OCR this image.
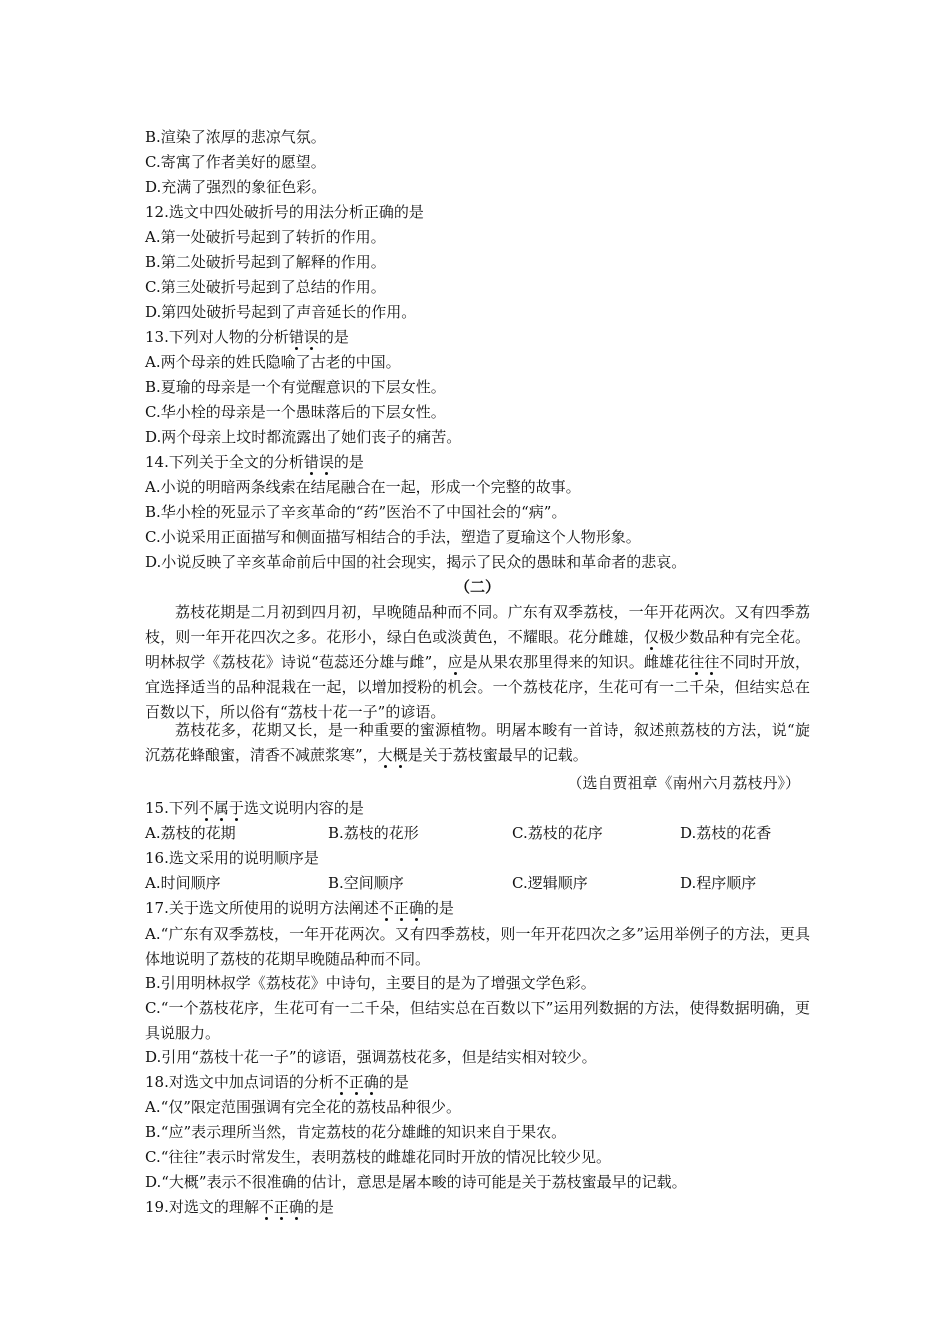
B.渲染了浓厚的悲凉气氛。
C.寄寓了作者美好的愿望。
D.充满了强烈的象征色彩。
12.选文中四处破折号的用法分析正确的是
A.第一处破折号起到了转折的作用。
B.第二处破折号起到了解释的作用。
C.第三处破折号起到了总结的作用。
D.第四处破折号起到了声音延长的作用。
13.下列对人物的分析错误的是
A.两个母亲的姓氏隐喻了古老的中国。
B.夏瑜的母亲是一个有觉醒意识的下层女性。
C.华小栓的母亲是一个愚昧落后的下层女性。
D.两个母亲上坟时都流露出了她们丧子的痛苦。
14.下列关于全文的分析错误的是
A.小说的明暗两条线索在结尾融合在一起，形成一个完整的故事。
B.华小栓的死显示了辛亥革命的“药”医治不了中国社会的“病”。
C.小说采用正面描写和侧面描写相结合的手法，塑造了夏瑜这个人物形象。
D.小说反映了辛亥革命前后中国的社会现实，揭示了民众的愚昧和革命者的悲哀。
（二）
荔枝花期是二月初到四月初，早晚随品种而不同。广东有双季荔枝，一年开花两次。又有四季荔枝，则一年开花四次之多。花形小，绿白色或淡黄色，不耀眼。花分雌雄，仅极少数品种有完全花。明林叔学《荔枝花》诗说“苞蕊还分雄与雌”，应是从果农那里得来的知识。雌雄花往往不同时开放，宜选择适当的品种混栽在一起，以增加授粉的机会。一个荔枝花序，生花可有一二千朵，但结实总在百数以下，所以俗有“荔枝十花一子”的谚语。
荔枝花多，花期又长，是一种重要的蜜源植物。明屠本畯有一首诗，叙述煎荔枝的方法，说“旋沉荔花蜂酿蜜，清香不减蔗浆寒”，大概是关于荔枝蜜最早的记载。
（选自贾祖章《南州六月荔枝丹》）
15.下列不属于选文说明内容的是
A.荔枝的花期	B.荔枝的花形	C.荔枝的花序	D.荔枝的花香
16.选文采用的说明顺序是
A.时间顺序	B.空间顺序	C.逻辑顺序	D.程序顺序
17.关于选文所使用的说明方法阐述不正确的是
A.“广东有双季荔枝，一年开花两次。又有四季荔枝，则一年开花四次之多”运用举例子的方法，更具体地说明了荔枝的花期早晚随品种而不同。
B.引用明林叔学《荔枝花》中诗句，主要目的是为了增强文学色彩。
C.“一个荔枝花序，生花可有一二千朵，但结实总在百数以下”运用列数据的方法，使得数据明确，更具说服力。
D.引用“荔枝十花一子”的谚语，强调荔枝花多，但是结实相对较少。
18.对选文中加点词语的分析不正确的是
A.“仅”限定范围强调有完全花的荔枝品种很少。
B.“应”表示理所当然，肯定荔枝的花分雄雌的知识来自于果农。
C.“往往”表示时常发生，表明荔枝的雌雄花同时开放的情况比较少见。
D.“大概”表示不很准确的估计，意思是屠本畯的诗可能是关于荔枝蜜最早的记载。
19.对选文的理解不正确的是
